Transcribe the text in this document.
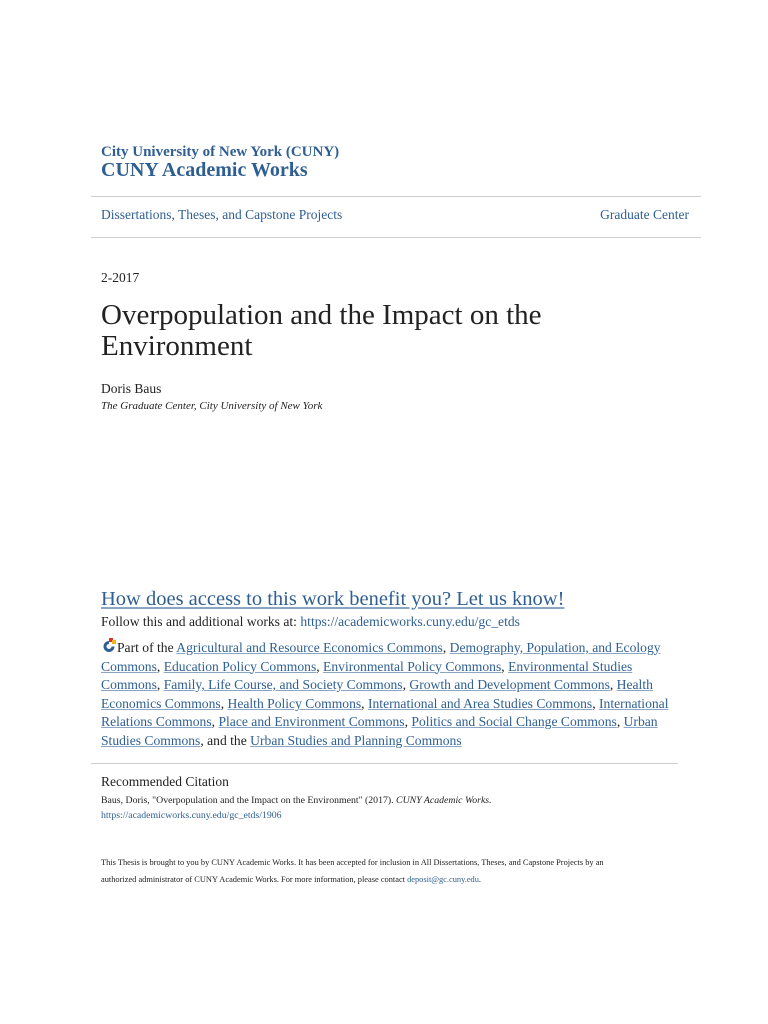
City University of New York (CUNY)
CUNY Academic Works
Dissertations, Theses, and Capstone Projects	Graduate Center
2-2017
Overpopulation and the Impact on the Environment
Doris Baus
The Graduate Center, City University of New York
How does access to this work benefit you? Let us know!
Follow this and additional works at: https://academicworks.cuny.edu/gc_etds
Part of the Agricultural and Resource Economics Commons, Demography, Population, and Ecology Commons, Education Policy Commons, Environmental Policy Commons, Environmental Studies Commons, Family, Life Course, and Society Commons, Growth and Development Commons, Health Economics Commons, Health Policy Commons, International and Area Studies Commons, International Relations Commons, Place and Environment Commons, Politics and Social Change Commons, Urban Studies Commons, and the Urban Studies and Planning Commons
Recommended Citation
Baus, Doris, "Overpopulation and the Impact on the Environment" (2017). CUNY Academic Works.
https://academicworks.cuny.edu/gc_etds/1906
This Thesis is brought to you by CUNY Academic Works. It has been accepted for inclusion in All Dissertations, Theses, and Capstone Projects by an
authorized administrator of CUNY Academic Works. For more information, please contact deposit@gc.cuny.edu.
